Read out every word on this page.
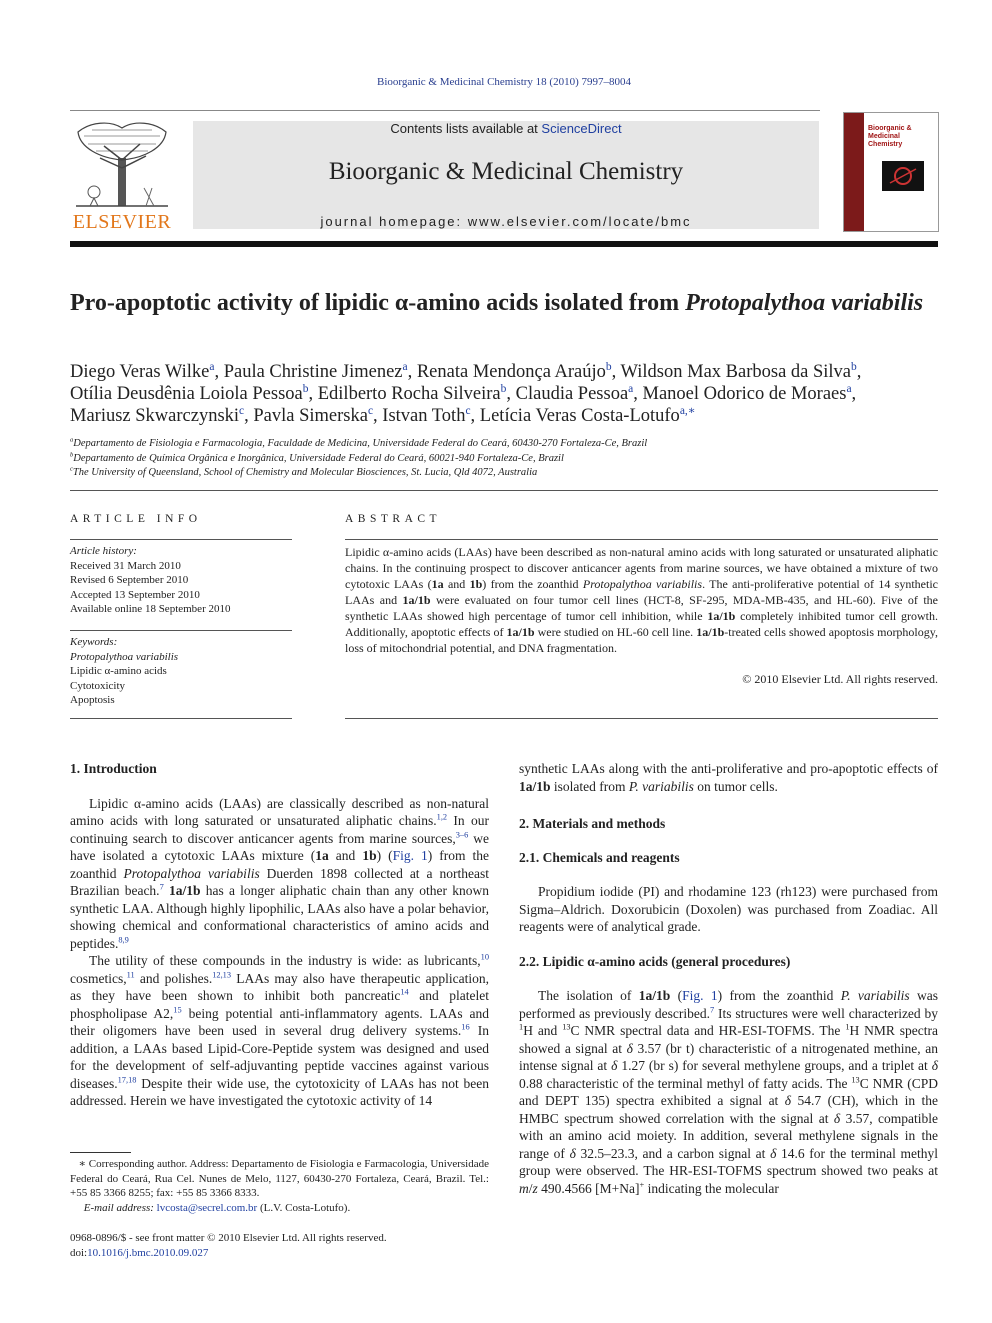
Bioorganic & Medicinal Chemistry 18 (2010) 7997–8004
ELSEVIER
Contents lists available at ScienceDirect
Bioorganic & Medicinal Chemistry
journal homepage: www.elsevier.com/locate/bmc
Bioorganic & Medicinal Chemistry
Pro-apoptotic activity of lipidic α-amino acids isolated from Protopalythoa variabilis
Diego Veras Wilke$^a$, Paula Christine Jimenez$^a$, Renata Mendonça Araújo$^b$, Wildson Max Barbosa da Silva$^b$,
Otília Deusdênia Loiola Pessoa$^b$, Edilberto Rocha Silveira$^b$, Claudia Pessoa$^a$, Manoel Odorico de Moraes$^a$,
Mariusz Skwarczynski$^c$, Pavla Simerska$^c$, Istvan Toth$^c$, Letícia Veras Costa-Lotufo$^{a,∗}$
$^a$Departamento de Fisiologia e Farmacologia, Faculdade de Medicina, Universidade Federal do Ceará, 60430-270 Fortaleza-Ce, Brazil
$^b$Departamento de Química Orgânica e Inorgânica, Universidade Federal do Ceará, 60021-940 Fortaleza-Ce, Brazil
$^c$The University of Queensland, School of Chemistry and Molecular Biosciences, St. Lucia, Qld 4072, Australia
ARTICLE INFO	ABSTRACT
Article history:
Received 31 March 2010
Revised 6 September 2010
Accepted 13 September 2010
Available online 18 September 2010
Keywords:
Protopalythoa variabilis
Lipidic α-amino acids
Cytotoxicity
Apoptosis
Lipidic α-amino acids (LAAs) have been described as non-natural amino acids with long saturated or unsaturated aliphatic chains. In the continuing prospect to discover anticancer agents from marine sources, we have obtained a mixture of two cytotoxic LAAs (1a and 1b) from the zoanthid Protopalythoa variabilis. The anti-proliferative potential of 14 synthetic LAAs and 1a/1b were evaluated on four tumor cell lines (HCT-8, SF-295, MDA-MB-435, and HL-60). Five of the synthetic LAAs showed high percentage of tumor cell inhibition, while 1a/1b completely inhibited tumor cell growth. Additionally, apoptotic effects of 1a/1b were studied on HL-60 cell line. 1a/1b-treated cells showed apoptosis morphology, loss of mitochondrial potential, and DNA fragmentation.
© 2010 Elsevier Ltd. All rights reserved.
1. Introduction

Lipidic α-amino acids (LAAs) are classically described as non-natural amino acids with long saturated or unsaturated aliphatic chains.$^{1,2}$ In our continuing search to discover anticancer agents from marine sources,$^{3-6}$ we have isolated a cytotoxic LAAs mixture (1a and 1b) (Fig. 1) from the zoanthid Protopalythoa variabilis Duerden 1898 collected at a northeast Brazilian beach.$^7$ 1a/1b has a longer aliphatic chain than any other known synthetic LAA. Although highly lipophilic, LAAs also have a polar behavior, showing chemical and conformational characteristics of amino acids and peptides.$^{8,9}$

The utility of these compounds in the industry is wide: as lubricants,$^{10}$ cosmetics,$^{11}$ and polishes.$^{12,13}$ LAAs may also have therapeutic application, as they have been shown to inhibit both pancreatic$^{14}$ and platelet phospholipase A2,15 being potential anti-inflammatory agents. LAAs and their oligomers have been used in several drug delivery systems.$^{16}$ In addition, a LAAs based Lipid-Core-Peptide system was designed and used for the development of self-adjuvanting peptide vaccines against various diseases.$^{17,18}$ Despite their wide use, the cytotoxicity of LAAs has not been addressed. Herein we have investigated the cytotoxic activity of 14

∗ Corresponding author. Address: Departamento de Fisiologia e Farmacologia, Universidade Federal do Ceará, Rua Cel. Nunes de Melo, 1127, 60430-270 Fortaleza, Ceará, Brazil. Tel.: +55 85 3366 8255; fax: +55 85 3366 8333.
E-mail address: lvcosta@secrel.com.br (L.V. Costa-Lotufo).
0968-0896/$ - see front matter © 2010 Elsevier Ltd. All rights reserved.
doi:10.1016/j.bmc.2010.09.027

synthetic LAAs along with the anti-proliferative and pro-apoptotic effects of 1a/1b isolated from P. variabilis on tumor cells.

2. Materials and methods
2.1. Chemicals and reagents

Propidium iodide (PI) and rhodamine 123 (rh123) were purchased from Sigma–Aldrich. Doxorubicin (Doxolen) was purchased from Zoadiac. All reagents were of analytical grade.

2.2. Lipidic α-amino acids (general procedures)

The isolation of 1a/1b (Fig. 1) from the zoanthid P. variabilis was performed as previously described.$^7$ Its structures were well characterized by $^1$H and $^{13}$C NMR spectral data and HR-ESI-TOFMS. The $^1$H NMR spectra showed a signal at δ 3.57 (br t) characteristic of a nitrogenated methine, an intense signal at δ 1.27 (br s) for several methylene groups, and a triplet at δ 0.88 characteristic of the terminal methyl of fatty acids. The $^{13}$C NMR (CPD and DEPT 135) spectra exhibited a signal at δ 54.7 (CH), which in the HMBC spectrum showed correlation with the signal at δ 3.57, compatible with an amino acid moiety. In addition, several methylene signals in the range of δ 32.5–23.3, and a carbon signal at δ 14.6 for the terminal methyl group were observed. The HR-ESI-TOFMS spectrum showed two peaks at m/z 490.4566 [M+Na]+ indicating the molecular
